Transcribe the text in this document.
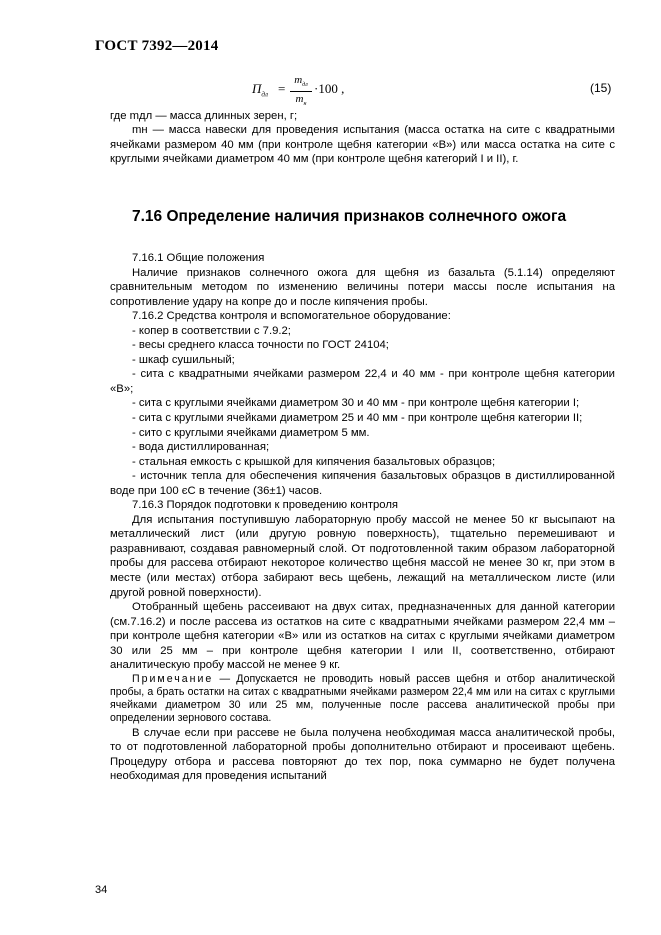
ГОСТ 7392—2014
$П_{дл}$ =
$m_{дл}$
$m_н$
·100 ,	(15)

где mдл — масса длинных зерен, г;

mн — масса навески для проведения испытания (масса остатка на сите с квадратными ячейками размером 40 мм (при контроле щебня категории «В») или масса остатка на сите с круглыми ячейками диаметром 40 мм (при контроле щебня категорий I и II), г.

7.16 Определение наличия признаков солнечного ожога

7.16.1 Общие положения

Наличие признаков солнечного ожога для щебня из базальта (5.1.14) определяют сравнительным методом по изменению величины потери массы после испытания на сопротивление удару на копре до и после кипячения пробы.

7.16.2 Средства контроля и вспомогательное оборудование:

- копер в соответствии с 7.9.2;

- весы среднего класса точности по ГОСТ 24104;

- шкаф сушильный;

- сита с квадратными ячейками размером 22,4 и 40 мм - при контроле щебня категории «В»;

- сита с круглыми ячейками диаметром 30 и 40 мм - при контроле щебня категории I;

- сита с круглыми ячейками диаметром 25 и 40 мм - при контроле щебня категории II;

- сито с круглыми ячейками диаметром 5 мм.

- вода дистиллированная;

- стальная емкость с крышкой для кипячения базальтовых образцов;

- источник тепла для обеспечения кипячения базальтовых образцов в дистиллированной воде при 100 єС в течение (36±1) часов.

7.16.3 Порядок подготовки к проведению контроля

Для испытания поступившую лабораторную пробу массой не менее 50 кг высыпают на металлический лист (или другую ровную поверхность), тщательно перемешивают и разравнивают, создавая равномерный слой. От подготовленной таким образом лабораторной пробы для рассева отбирают некоторое количество щебня массой не менее 30 кг, при этом в месте (или местах) отбора забирают весь щебень, лежащий на металлическом листе (или другой ровной поверхности).

Отобранный щебень рассеивают на двух ситах, предназначенных для данной категории (см.7.16.2) и после рассева из остатков на сите с квадратными ячейками размером 22,4 мм – при контроле щебня категории «В» или из остатков на ситах с круглыми ячейками диаметром 30 или 25 мм – при контроле щебня категории I или II, соответственно, отбирают аналитическую пробу массой не менее 9 кг.

Примечание — Допускается не проводить новый рассев щебня и отбор аналитической пробы, а брать остатки на ситах с квадратными ячейками размером 22,4 мм или на ситах с круглыми ячейками диаметром 30 или 25 мм, полученные после рассева аналитической пробы при определении зернового состава.

В случае если при рассеве не была получена необходимая масса аналитической пробы, то от подготовленной лабораторной пробы дополнительно отбирают и просеивают щебень. Процедуру отбора и рассева повторяют до тех пор, пока суммарно не будет получена необходимая для проведения испытаний

34
